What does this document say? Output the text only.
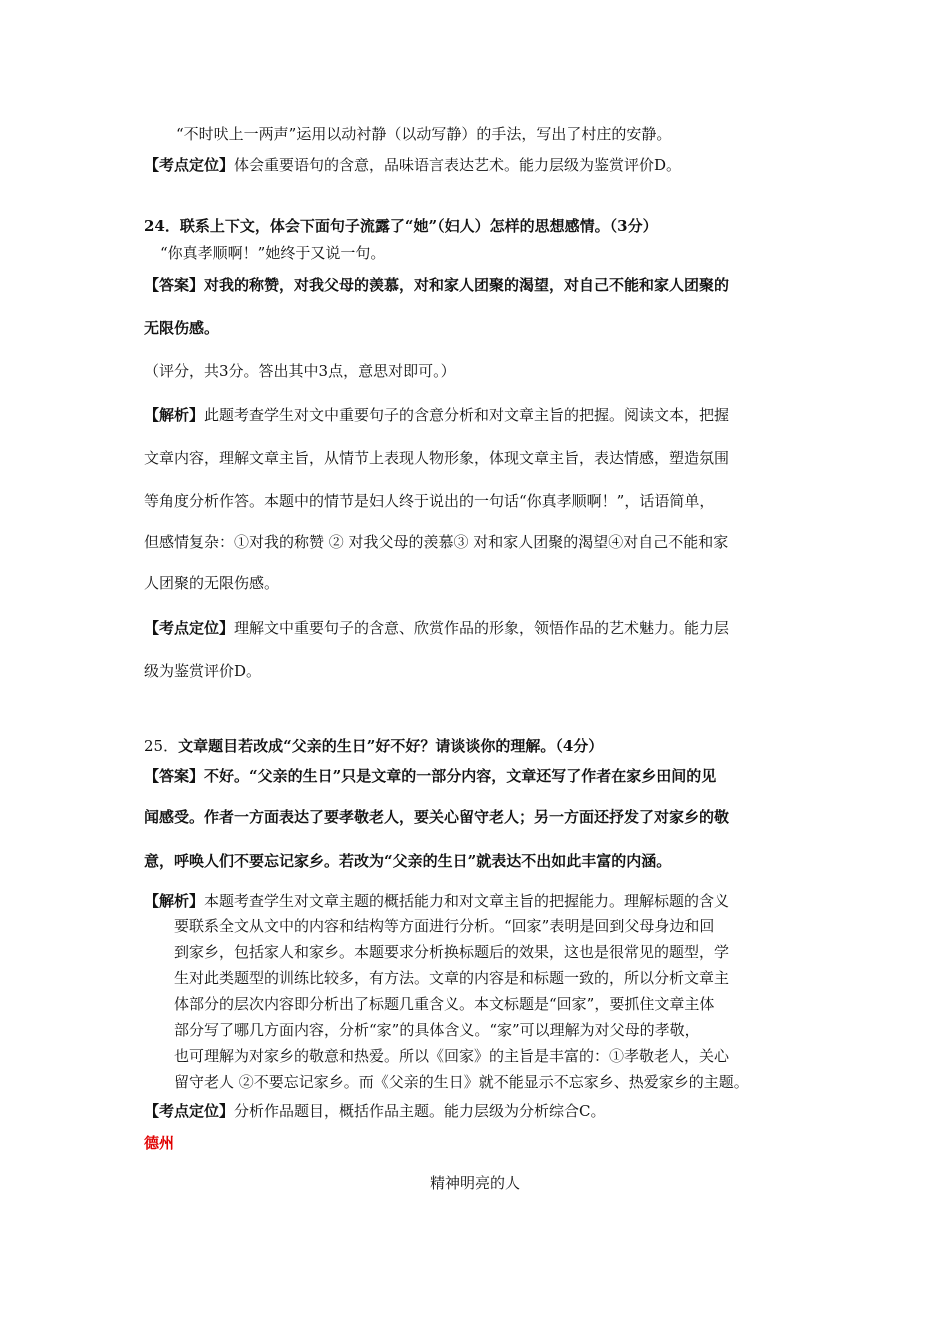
“不时吠上一两声”运用以动衬静（以动写静）的手法，写出了村庄的安静。
【考点定位】体会重要语句的含意，品味语言表达艺术。能力层级为鉴赏评价D。
24．联系上下文，体会下面句子流露了“她”（妇人）怎样的思想感情。（3分）
“你真孝顺啊！”她终于又说一句。
【答案】对我的称赞，对我父母的羡慕，对和家人团聚的渴望，对自己不能和家人团聚的
无限伤感。
（评分，共3分。答出其中3点，意思对即可。）
【解析】此题考查学生对文中重要句子的含意分析和对文章主旨的把握。阅读文本，把握
文章内容，理解文章主旨，从情节上表现人物形象，体现文章主旨，表达情感，塑造氛围
等角度分析作答。本题中的情节是妇人终于说出的一句话“你真孝顺啊！”，话语简单，
但感情复杂：①对我的称赞 ② 对我父母的羡慕③ 对和家人团聚的渴望④对自己不能和家
人团聚的无限伤感。
【考点定位】理解文中重要句子的含意、欣赏作品的形象，领悟作品的艺术魅力。能力层
级为鉴赏评价D。
25．文章题目若改成“父亲的生日”好不好？请谈谈你的理解。（4分）
【答案】不好。“父亲的生日”只是文章的一部分内容，文章还写了作者在家乡田间的见
闻感受。作者一方面表达了要孝敬老人，要关心留守老人；另一方面还抒发了对家乡的敬
意，呼唤人们不要忘记家乡。若改为“父亲的生日”就表达不出如此丰富的内涵。
【解析】本题考查学生对文章主题的概括能力和对文章主旨的把握能力。理解标题的含义
要联系全文从文中的内容和结构等方面进行分析。“回家”表明是回到父母身边和回
到家乡，包括家人和家乡。本题要求分析换标题后的效果，这也是很常见的题型，学
生对此类题型的训练比较多，有方法。文章的内容是和标题一致的，所以分析文章主
体部分的层次内容即分析出了标题几重含义。本文标题是“回家”，要抓住文章主体
部分写了哪几方面内容，分析“家”的具体含义。“家”可以理解为对父母的孝敬，
也可理解为对家乡的敬意和热爱。所以《回家》的主旨是丰富的：①孝敬老人，关心
留守老人 ②不要忘记家乡。而《父亲的生日》就不能显示不忘家乡、热爱家乡的主题。
【考点定位】分析作品题目，概括作品主题。能力层级为分析综合C。
德州
精神明亮的人
